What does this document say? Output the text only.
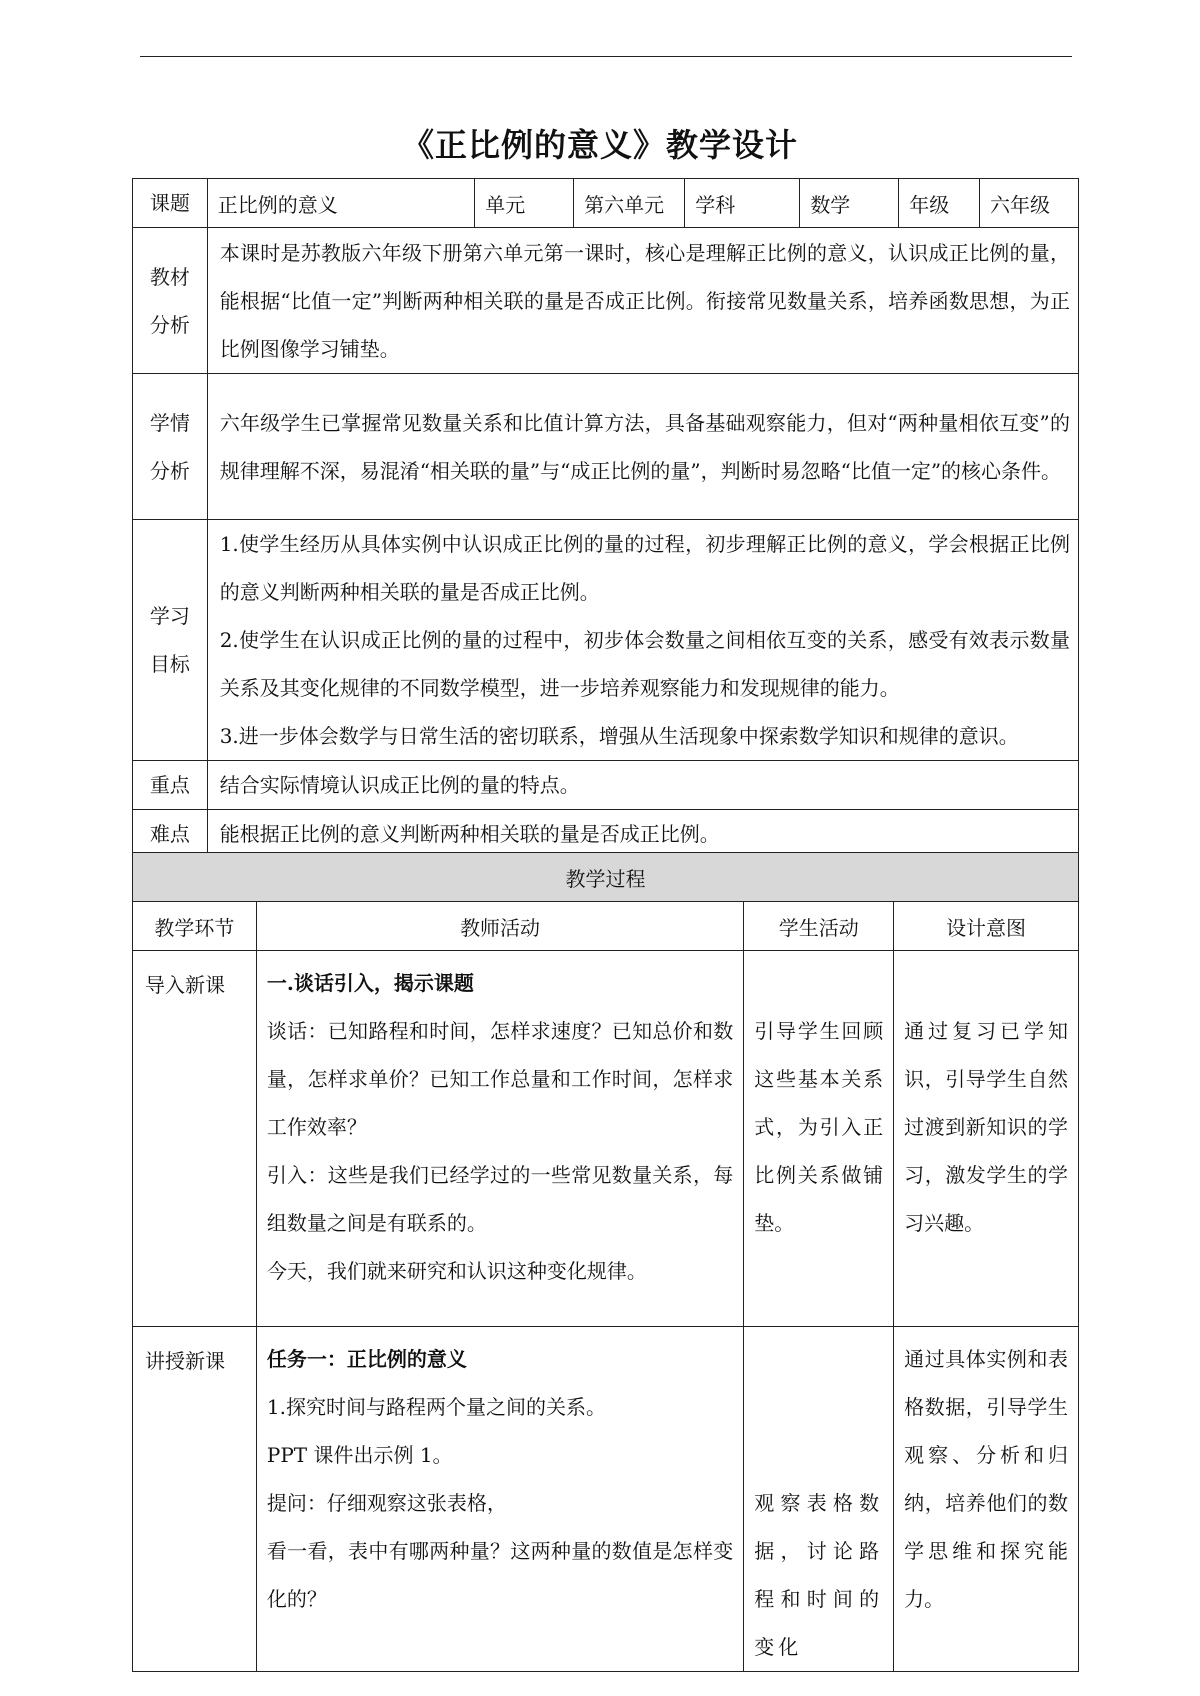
《正比例的意义》教学设计
课题	正比例的意义	单元	第六单元	学科	数学	年级	六年级

教材
分析	本课时是苏教版六年级下册第六单元第一课时，核心是理解正比例的意义，认识成正比例的量，能根据“比值一定”判断两种相关联的量是否成正比例。衔接常见数量关系，培养函数思想，为正比例图像学习铺垫。						

学情
分析	六年级学生已掌握常见数量关系和比值计算方法，具备基础观察能力，但对“两种量相依互变”的规律理解不深，易混淆“相关联的量”与“成正比例的量”，判断时易忽略“比值一定”的核心条件。						

学习
目标	1.使学生经历从具体实例中认识成正比例的量的过程，初步理解正比例的意义，学会根据正比例的意义判断两种相关联的量是否成正比例。
2.使学生在认识成正比例的量的过程中，初步体会数量之间相依互变的关系，感受有效表示数量关系及其变化规律的不同数学模型，进一步培养观察能力和发现规律的能力。
3.进一步体会数学与日常生活的密切联系，增强从生活现象中探索数学知识和规律的意识。						

重点	结合实际情境认识成正比例的量的特点。						
难点	能根据正比例的意义判断两种相关联的量是否成正比例。						
教学过程			
教学环节	教师活动	学生活动	设计意图
导入新课	一.谈话引入，揭示课题
谈话：已知路程和时间，怎样求速度？已知总价和数量，怎样求单价？已知工作总量和工作时间，怎样求工作效率？
引入：这些是我们已经学过的一些常见数量关系，每组数量之间是有联系的。
今天，我们就来研究和认识这种变化规律。	引导学生回顾这些基本关系式，为引入正比例关系做铺垫。	通过复习已学知识，引导学生自然过渡到新知识的学习，激发学生的学习兴趣。
讲授新课	任务一：正比例的意义
1.探究时间与路程两个量之间的关系。
PPT 课件出示例 1。
提问：仔细观察这张表格，
看一看，表中有哪两种量？这两种量的数值是怎样变化的？	观察表格数据，讨论路程和时间的变化	通过具体实例和表格数据，引导学生观察、分析和归纳，培养他们的数学思维和探究能力。
